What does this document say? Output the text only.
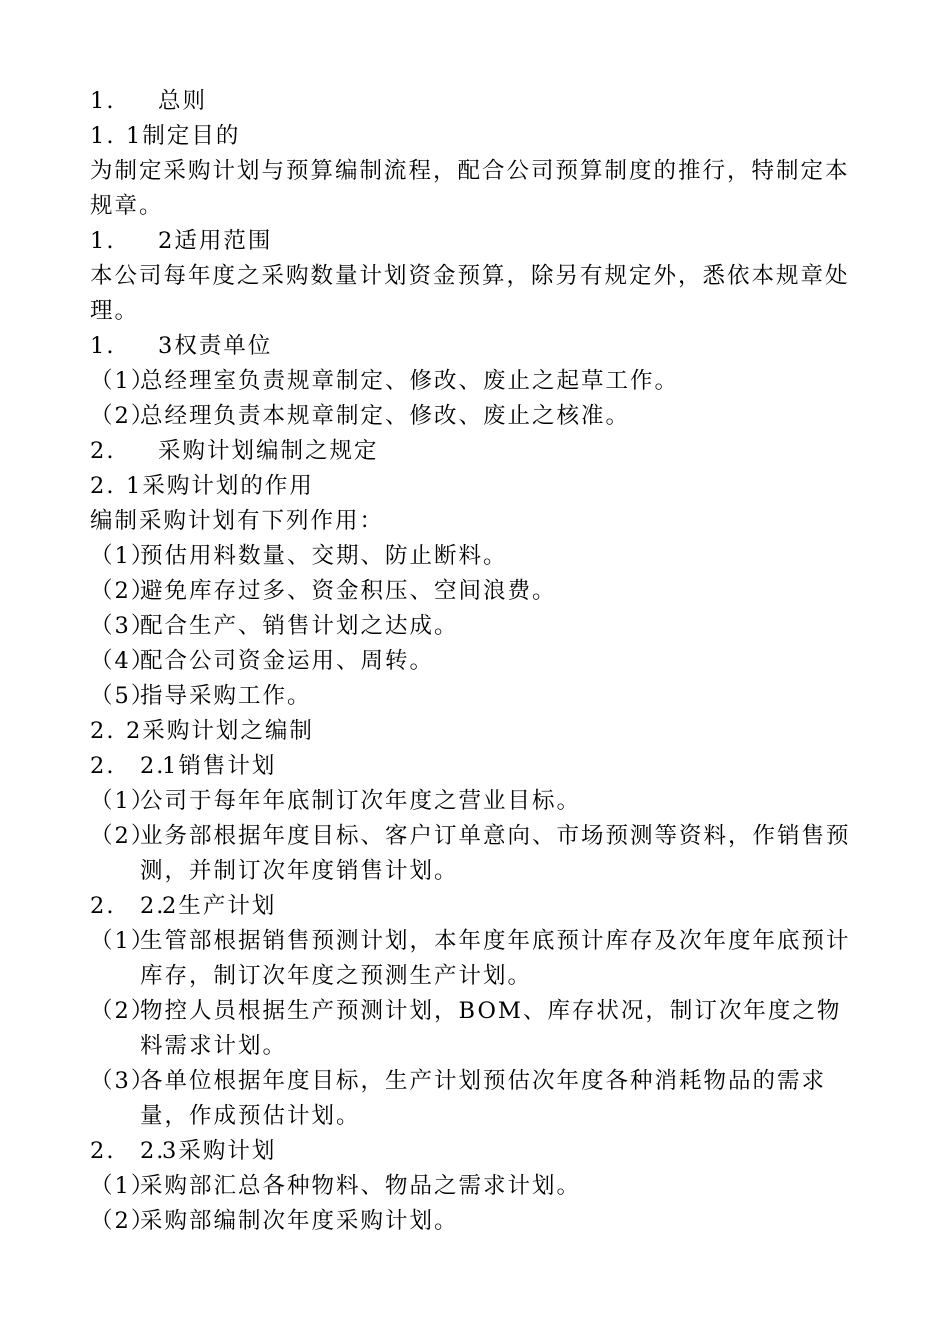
1. 总则
1. 1制定目的
为制定采购计划与预算编制流程，配合公司预算制度的推行，特制定本规章。
1. 2适用范围
本公司每年度之采购数量计划资金预算，除另有规定外，悉依本规章处理。
1. 3权责单位
（1）
总经理室负责规章制定、修改、废止之起草工作。
（2）
总经理负责本规章制定、修改、废止之核准。
2. 采购计划编制之规定
2. 1采购计划的作用
编制采购计划有下列作用：
（1）
预估用料数量、交期、防止断料。
（2）
避免库存过多、资金积压、空间浪费。
（3）
配合生产、销售计划之达成。
（4）
配合公司资金运用、周转。
（5）
指导采购工作。
2. 2采购计划之编制
2.　2.1销售计划
（1）
公司于每年年底制订次年度之营业目标。
（2）
业务部根据年度目标、客户订单意向、市场预测等资料，作销售预测，并制订次年度销售计划。
2.　2.2生产计划
（1）
生管部根据销售预测计划，本年度年底预计库存及次年度年底预计库存，制订次年度之预测生产计划。
（2）
物控人员根据生产预测计划，BOM、库存状况，制订次年度之物料需求计划。
（3）
各单位根据年度目标，生产计划预估次年度各种消耗物品的需求量，作成预估计划。
2.　2.3采购计划
（1）
采购部汇总各种物料、物品之需求计划。
（2）
采购部编制次年度采购计划。
